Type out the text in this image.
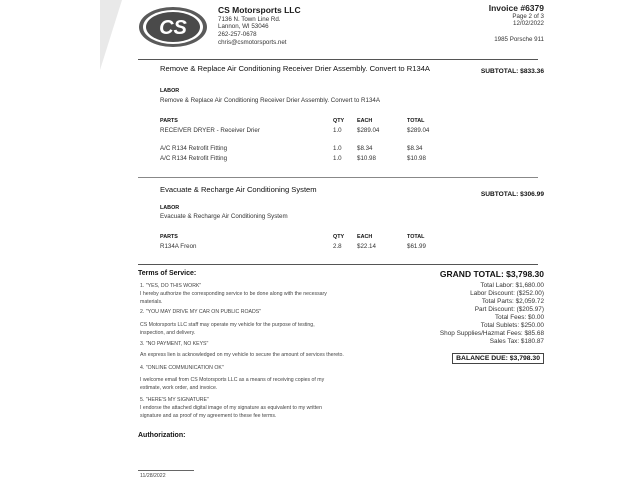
CS
CS Motorsports LLC
7136 N. Town Line Rd.
Lannon, WI 53046
262-257-0678
chris@csmotorsports.net
Invoice #6379
Page 2 of 3
12/02/2022
1985 Porsche 911
Remove & Replace Air Conditioning Receiver Drier Assembly. Convert to R134A	SUBTOTAL: $833.36
LABOR
Remove & Replace Air Conditioning Receiver Drier Assembly. Convert to R134A
PARTS	QTY EACH	TOTAL
RECEIVER DRYER - Receiver Drier	1.0 $289.04	$289.04
A/C R134 Retrofit Fitting	1.0 $8.34	$8.34
A/C R134 Retrofit Fitting	1.0 $10.98	$10.98
Evacuate & Recharge Air Conditioning System
SUBTOTAL: $306.99
LABOR
Evacuate & Recharge Air Conditioning System
PARTS	QTY EACH	TOTAL
R134A Freon	2.8 $22.14	$61.99
Terms of Service:
1. "YES, DO THIS WORK"
I hereby authorize the corresponding service to be done along with the necessary materials.
2. "YOU MAY DRIVE MY CAR ON PUBLIC ROADS"
CS Motorsports LLC staff may operate my vehicle for the purpose of testing, inspection, and delivery.
3. "NO PAYMENT, NO KEYS"
An express lien is acknowledged on my vehicle to secure the amount of services thereto.
4. "ONLINE COMMUNICATION OK"
I welcome email from CS Motorsports LLC as a means of receiving copies of my estimate, work order, and invoice.
5. "HERE'S MY SIGNATURE"
I endorse the attached digital image of my signature as equivalent to my written signature and as proof of my agreement to these fee terms.
GRAND TOTAL: $3,798.30
Total Labor: $1,680.00
Labor Discount: ($252.00)
Total Parts: $2,059.72
Part Discount: ($205.97)
Total Fees: $0.00
Total Sublets: $250.00
Shop Supplies/Hazmat Fees: $85.68
Sales Tax: $180.87
BALANCE DUE: $3,798.30
Authorization:
11/28/2022
